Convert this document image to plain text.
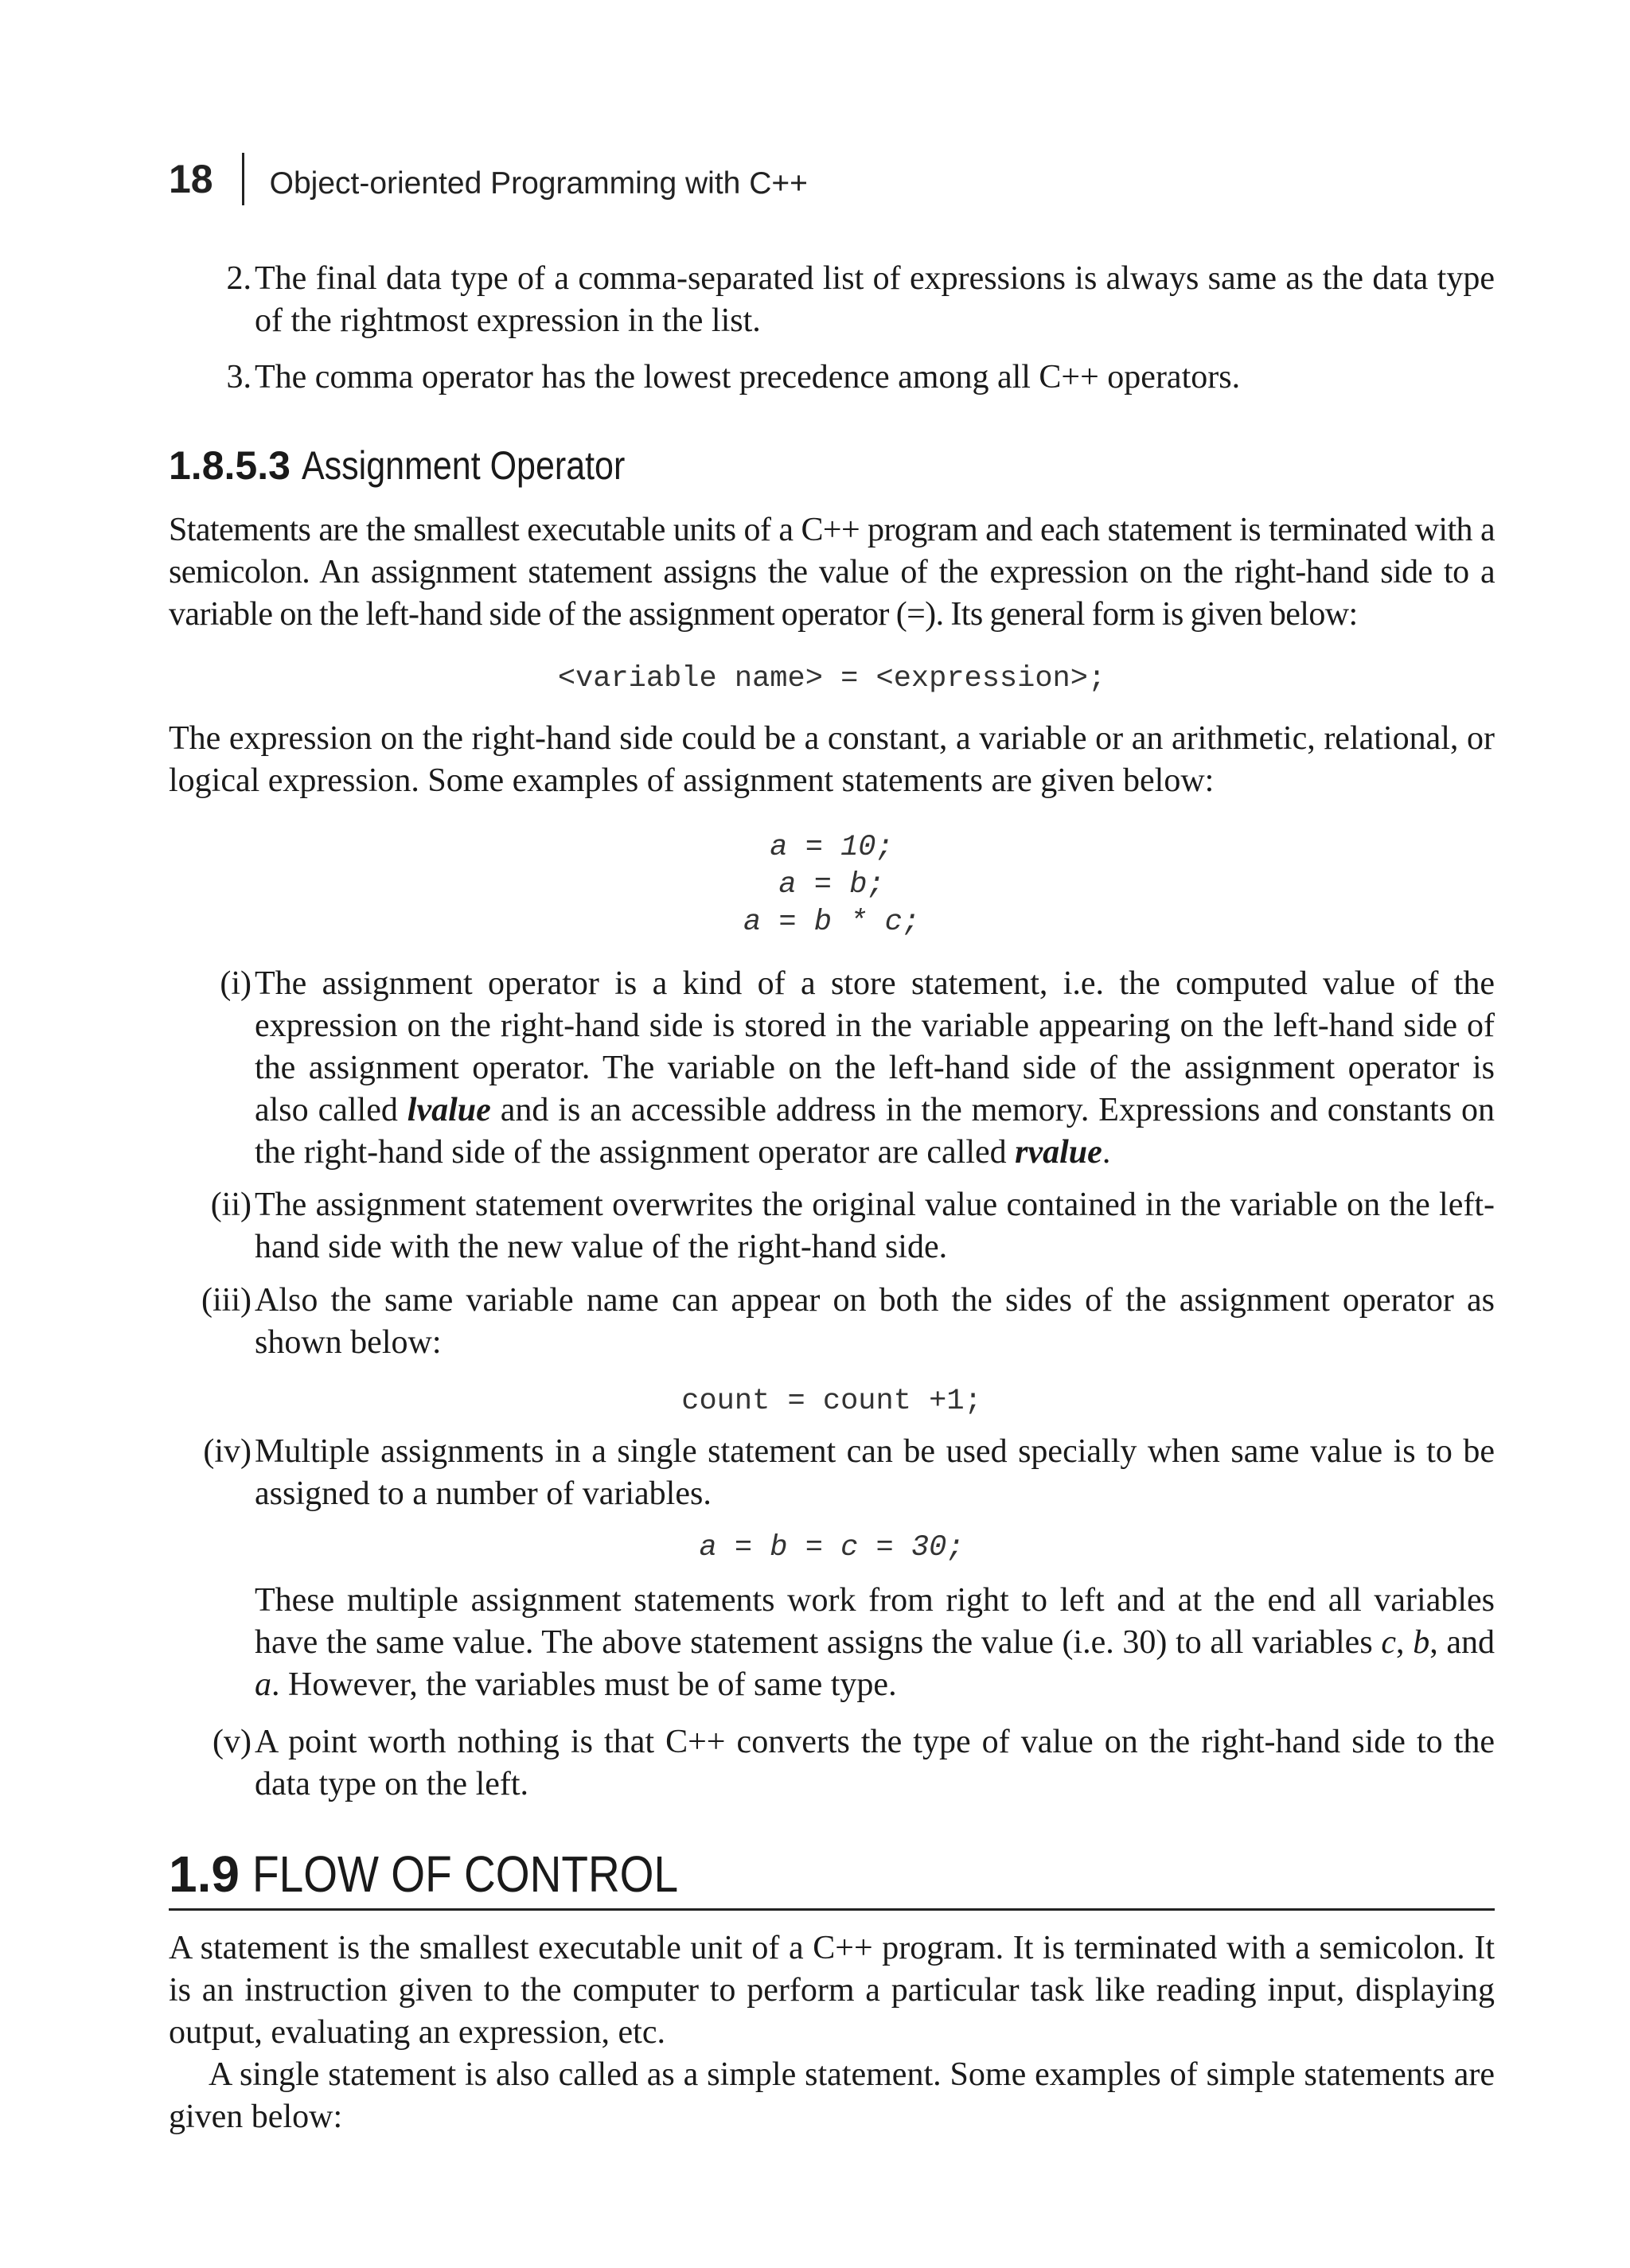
18 Object-oriented Programming with C++
2. The final data type of a comma-separated list of expressions is always same as the data type of the rightmost expression in the list.
3. The comma operator has the lowest precedence among all C++ operators.
1.8.5.3 Assignment Operator
Statements are the smallest executable units of a C++ program and each statement is terminated with a semicolon. An assignment statement assigns the value of the expression on the right-hand side to a variable on the left-hand side of the assignment operator (=). Its general form is given below:
<variable name> = <expression>;
The expression on the right-hand side could be a constant, a variable or an arithmetic, relational, or logical expression. Some examples of assignment statements are given below:
a = 10;
a = b;
a = b * c;
(i) The assignment operator is a kind of a store statement, i.e. the computed value of the expression on the right-hand side is stored in the variable appearing on the left-hand side of the assignment operator. The variable on the left-hand side of the assignment operator is also called lvalue and is an accessible address in the memory. Expressions and constants on the right-hand side of the assignment operator are called rvalue.
(ii) The assignment statement overwrites the original value contained in the variable on the left-hand side with the new value of the right-hand side.
(iii) Also the same variable name can appear on both the sides of the assignment operator as shown below:
count = count +1;
(iv) Multiple assignments in a single statement can be used specially when same value is to be assigned to a number of variables.
a = b = c = 30;
These multiple assignment statements work from right to left and at the end all variables have the same value. The above statement assigns the value (i.e. 30) to all variables c, b, and a. However, the variables must be of same type.
(v) A point worth nothing is that C++ converts the type of value on the right-hand side to the data type on the left.
1.9 FLOW OF CONTROL
A statement is the smallest executable unit of a C++ program. It is terminated with a semicolon. It is an instruction given to the computer to perform a particular task like reading input, displaying output, evaluating an expression, etc.
A single statement is also called as a simple statement. Some examples of simple statements are given below:
